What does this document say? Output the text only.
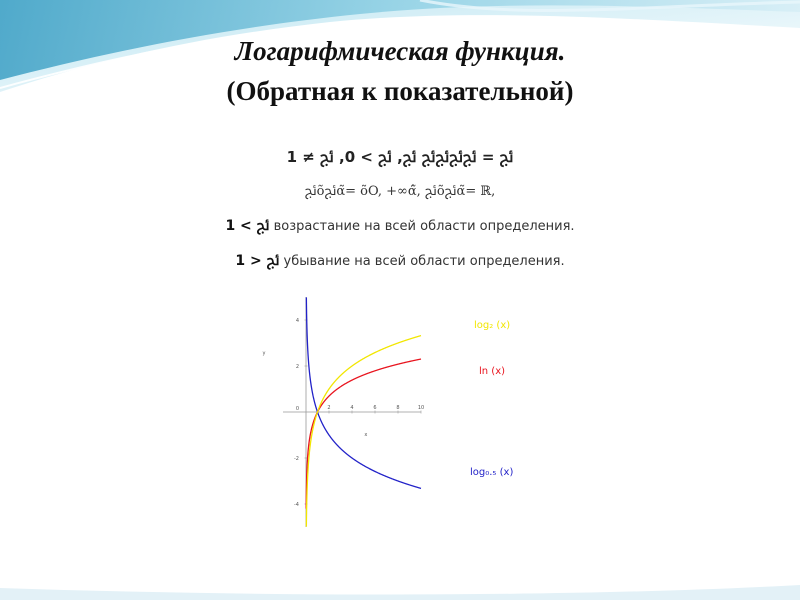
Логарифмическая функция.
(Обратная к показательной)
ﰀ = ﰀﰀﰀﰀ ﰀ, ﰀ > 0, ﰀ ≠ 1
ﰀõﰀα̃= õO, +∞ά̃, ﰀõﰀα̃= ℝ,
ﰀ > 1 возрастание на всей области определения.
ﰀ < 1 убывание на всей области определения.
2	4	6	8	10
4
2
-2
-4
0
x
y
log₂ (x)
ln (x)
log₀.₅ (x)
